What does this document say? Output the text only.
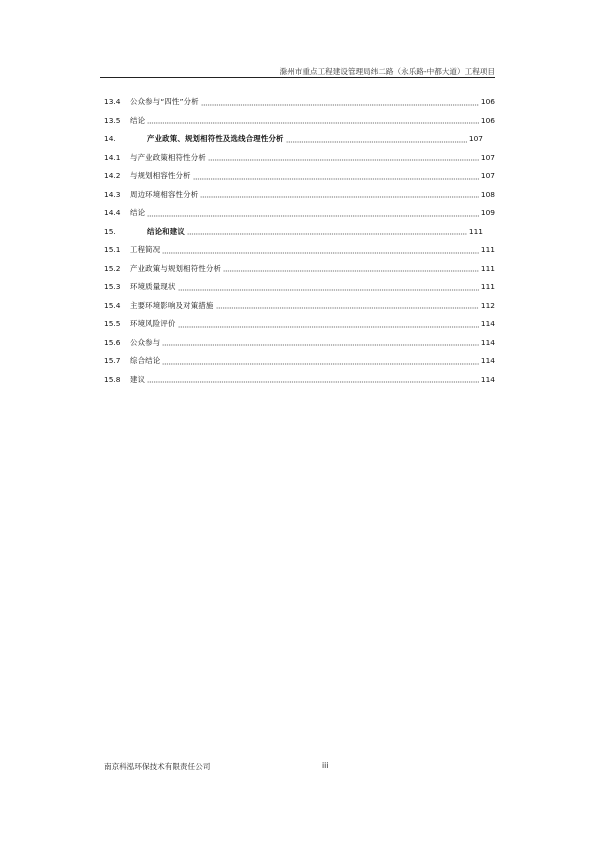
滁州市重点工程建设管理局纬二路（永乐路-中都大道）工程项目
13.4	公众参与“四性”分析	106
13.5	结论	106
14.	产业政策、规划相符性及选线合理性分析	107
14.1	与产业政策相符性分析	107
14.2	与规划相容性分析	107
14.3	周边环境相容性分析	108
14.4	结论	109
15.	结论和建议	111
15.1	工程简况	111
15.2	产业政策与规划相符性分析	111
15.3	环境质量现状	111
15.4	主要环境影响及对策措施	112
15.5	环境风险评价	114
15.6	公众参与	114
15.7	综合结论	114
15.8	建议	114
南京科泓环保技术有限责任公司	iii
